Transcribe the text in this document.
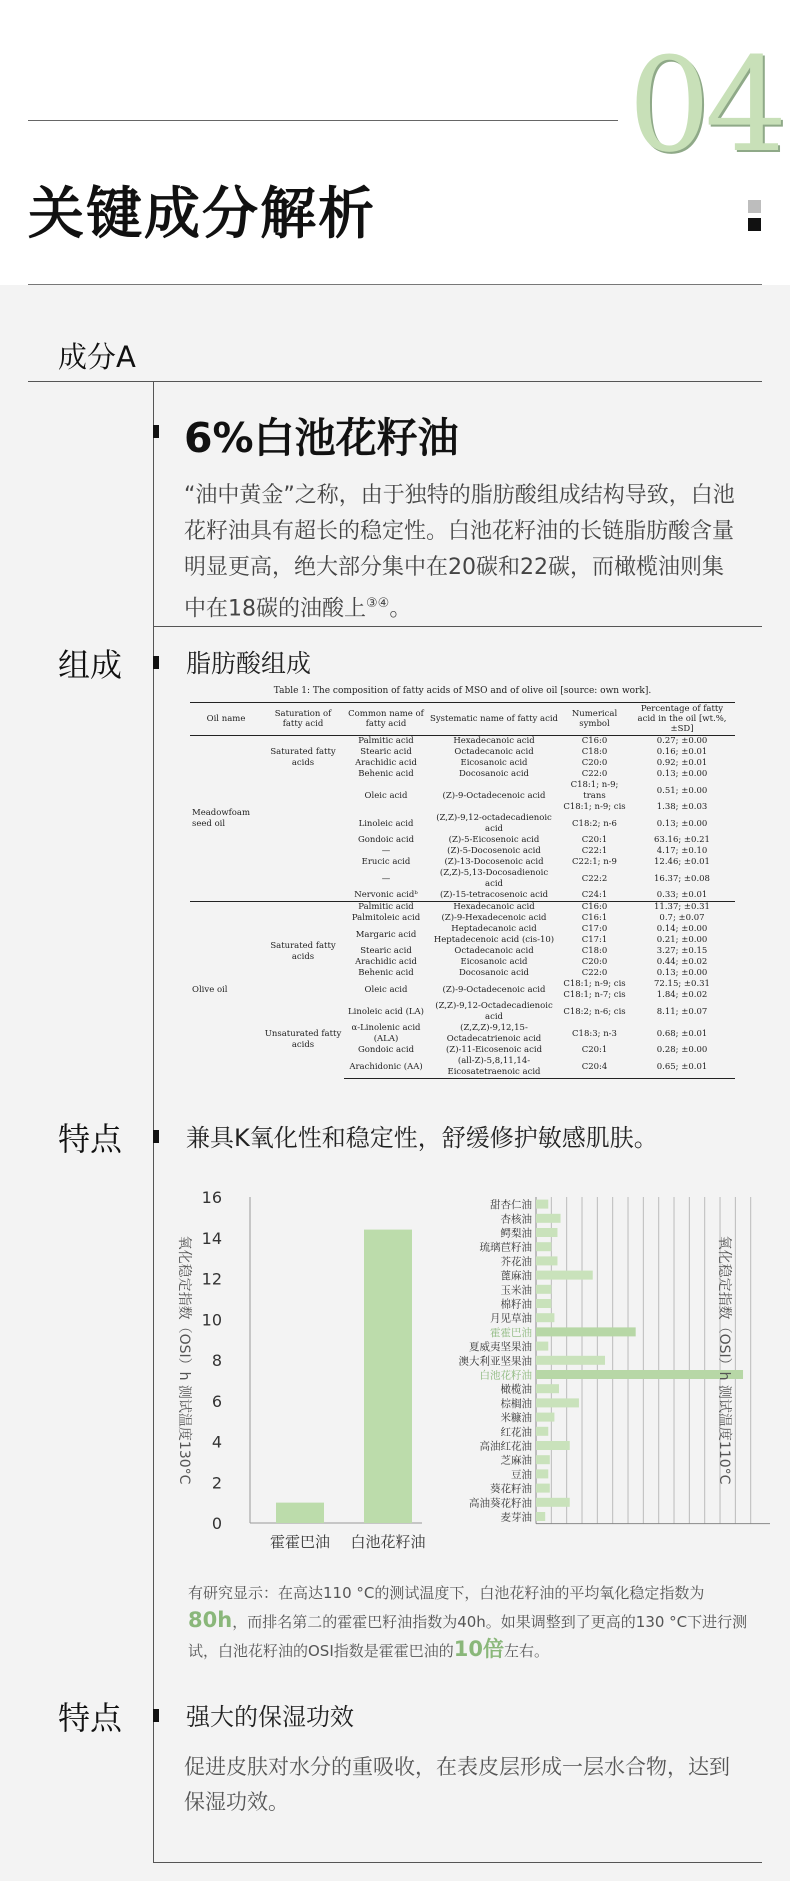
04
关键成分解析
成分A
6%白池花籽油
“油中黄金”之称，由于独特的脂肪酸组成结构导致，白池花籽油具有超长的稳定性。白池花籽油的长链脂肪酸含量明显更高，绝大部分集中在20碳和22碳，而橄榄油则集中在18碳的油酸上③④。
组成	脂肪酸组成
Table 1: The composition of fatty acids of MSO and of olive oil [source: own work].
Oil name	Saturation of fatty acid	Common name of fatty acid	Systematic name of fatty acid	Numerical symbol	Percentage of fatty acid in the oil [wt.%, ±SD]
Meadowfoam seed oil	Saturated fatty acids	Palmitic acid	Hexadecanoic acid	C16:0	0.27; ±0.00
		Stearic acid	Octadecanoic acid	C18:0	0.16; ±0.01
		Arachidic acid	Eicosanoic acid	C20:0	0.92; ±0.01
		Behenic acid	Docosanoic acid	C22:0	0.13; ±0.00
		Oleic acid	(Z)-9-Octadecenoic acid	C18:1; n-9; trans	0.51; ±0.00
				C18:1; n-9; cis	1.38; ±0.03
		Linoleic acid	(Z,Z)-9,12-octadecadienoic acid	C18:2; n-6	0.13; ±0.00
		Gondoic acid	(Z)-5-Eicosenoic acid	C20:1	63.16; ±0.21
		—	(Z)-5-Docosenoic acid	C22:1	4.17; ±0.10
		Erucic acid	(Z)-13-Docosenoic acid	C22:1; n-9	12.46; ±0.01
		—	(Z,Z)-5,13-Docosadienoic acid	C22:2	16.37; ±0.08
		Nervonic acidᵇ	(Z)-15-tetracosenoic acid	C24:1	0.33; ±0.01
Olive oil	Saturated fatty acids	Palmitic acid	Hexadecanoic acid	C16:0	11.37; ±0.31
		Palmitoleic acid	(Z)-9-Hexadecenoic acid	C16:1	0.7; ±0.07
		Margaric acid	Heptadecanoic acid	C17:0	0.14; ±0.00
			Heptadecenoic acid (cis-10)	C17:1	0.21; ±0.00
		Stearic acid	Octadecanoic acid	C18:0	3.27; ±0.15
		Arachidic acid	Eicosanoic acid	C20:0	0.44; ±0.02
		Behenic acid	Docosanoic acid	C22:0	0.13; ±0.00
		Oleic acid	(Z)-9-Octadecenoic acid	C18:1; n-9; cis	72.15; ±0.31
				C18:1; n-7; cis	1.84; ±0.02
	Unsaturated fatty acids	Linoleic acid (LA)	(Z,Z)-9,12-Octadecadienoic acid	C18:2; n-6; cis	8.11; ±0.07
		α-Linolenic acid (ALA)	(Z,Z,Z)-9,12,15-Octadecatrienoic acid	C18:3; n-3	0.68; ±0.01
		Gondoic acid	(Z)-11-Eicosenoic acid	C20:1	0.28; ±0.00
		Arachidonic (AA)	(all-Z)-5,8,11,14-Eicosatetraenoic acid	C20:4	0.65; ±0.01
特点	兼具K氧化性和稳定性，舒缓修护敏感肌肤。
0
2
4
6
8
10
12
14
16
霍霍巴油 白池花籽油
氧化稳定指数（OSI）h 测试温度130°C
甜杏仁油
杏核油
鳄梨油
琉璃苣籽油
芥花油
蓖麻油
玉米油
棉籽油
月见草油
霍霍巴油
夏威夷坚果油
澳大利亚坚果油
白池花籽油
橄榄油
棕榈油
米糠油
红花油
高油红花油
芝麻油
豆油
葵花籽油
高油葵花籽油
麦芽油
氧化稳定指数（OSI）h 测试温度110°C
有研究显示：在高达110 °C的测试温度下，白池花籽油的平均氧化稳定指数为80h，而排名第二的霍霍巴籽油指数为40h。如果调整到了更高的130 °C下进行测试，白池花籽油的OSI指数是霍霍巴油的10倍左右。
特点	强大的保湿功效
促进皮肤对水分的重吸收，在表皮层形成一层水合物，达到保湿功效。
